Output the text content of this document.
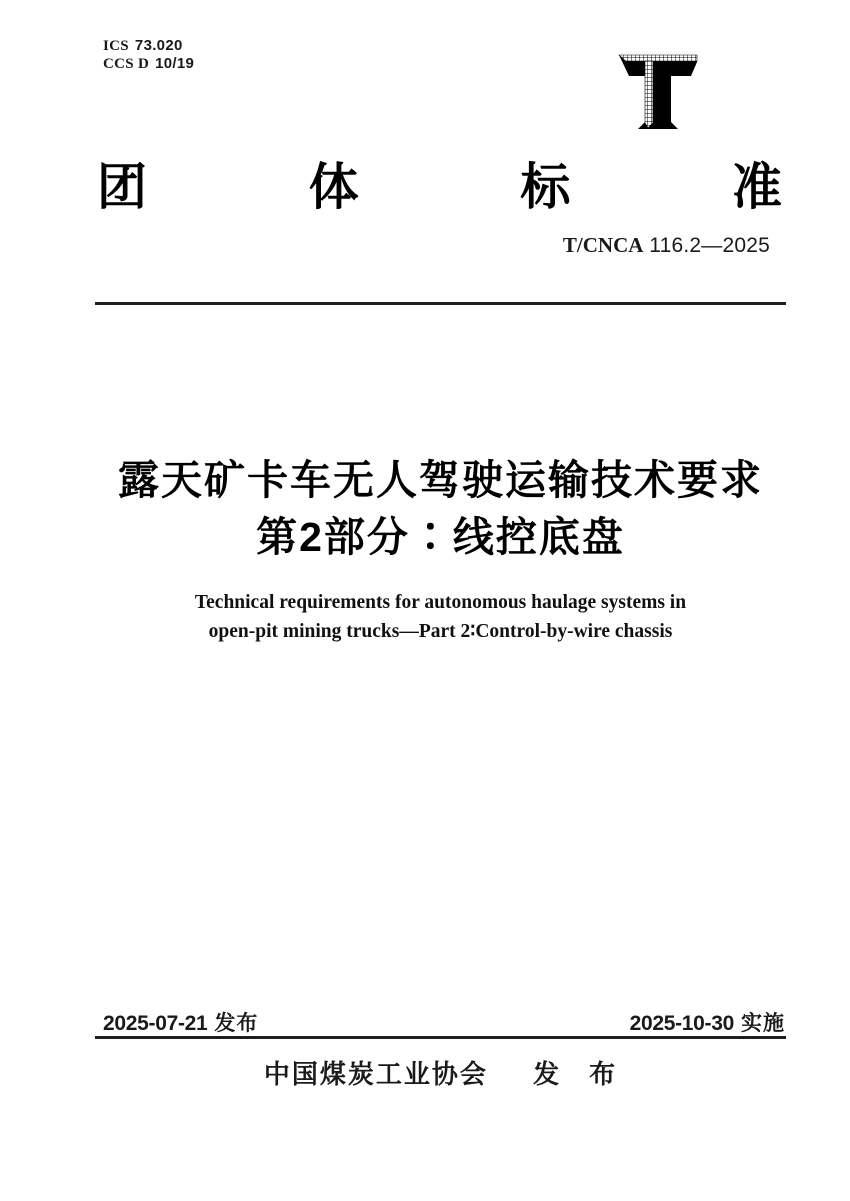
ICS 73.020
CCS D 10/19
团	体	标	准
T/CNCA 116.2—2025
露天矿卡车无人驾驶运输技术要求
第2部分∶线控底盘
Technical requirements for autonomous haulage systems in
open-pit mining trucks—Part 2∶Control-by-wire chassis
2025-07-21 发布	2025-10-30 实施
中国煤炭工业协会 发　布
